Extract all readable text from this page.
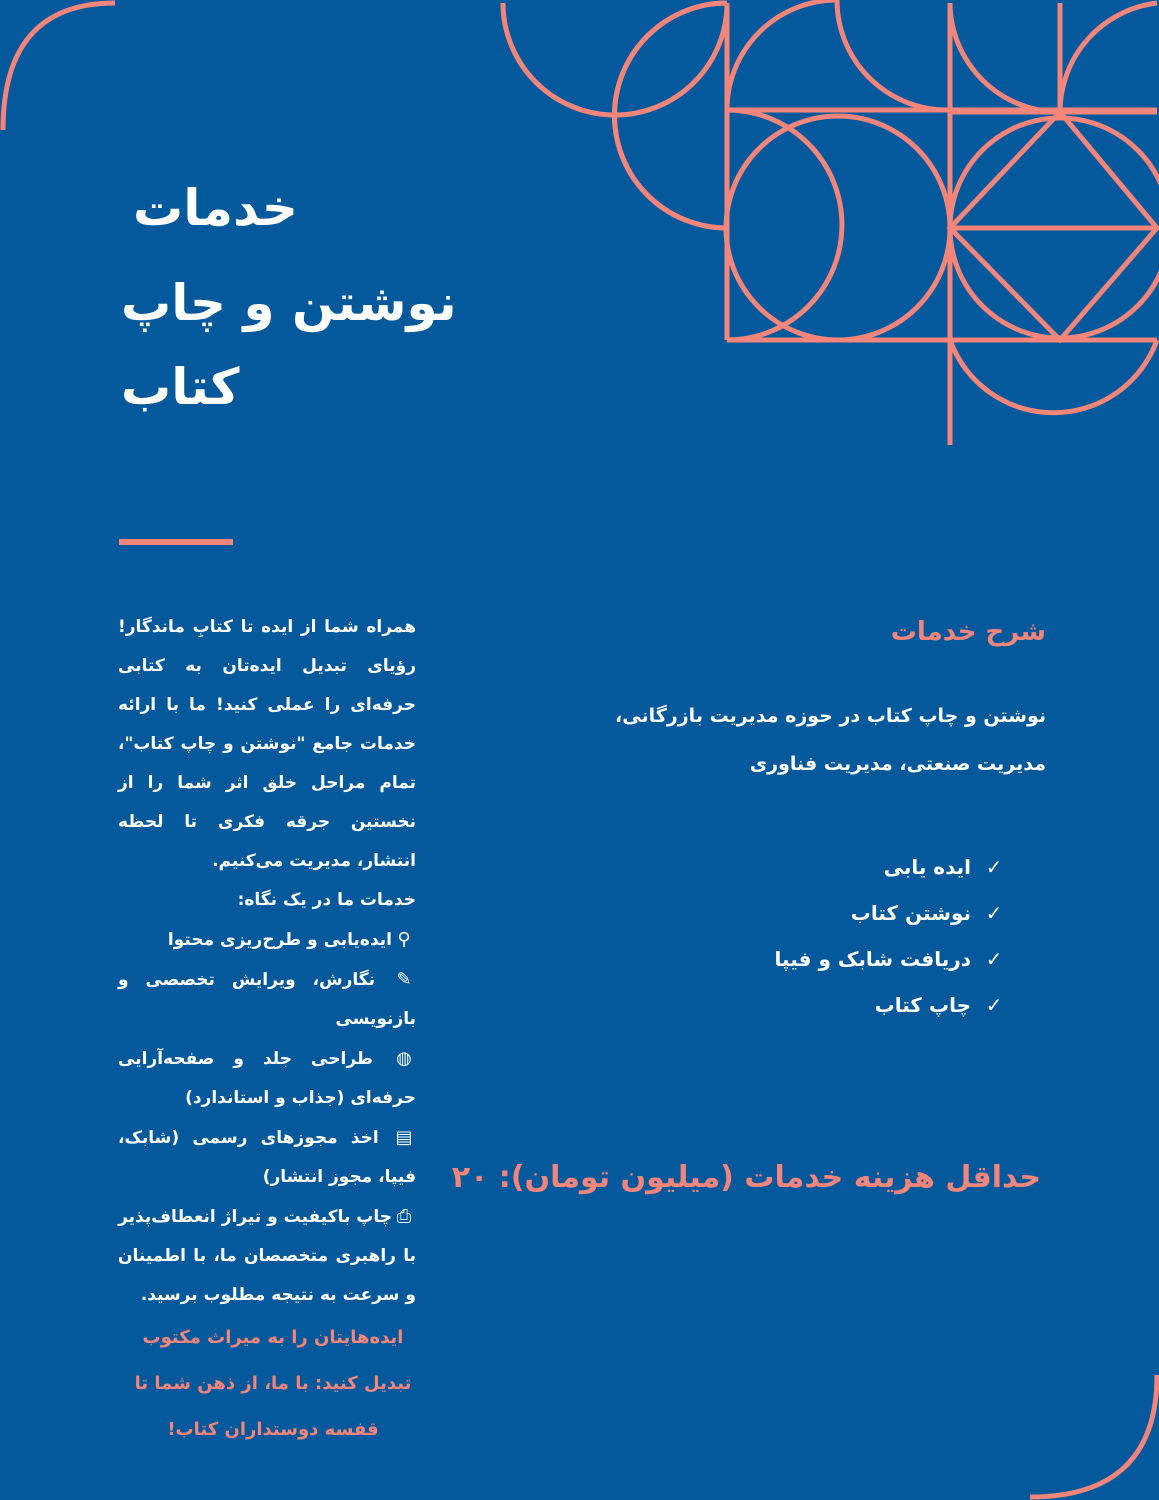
خدمات
نوشتن و چاپ
کتاب

همراه شما از ایده تا کتابِ ماندگار! رؤیای تبدیل ایده‌تان به کتابی حرفه‌ای را عملی کنید! ما با ارائه خدمات جامع "نوشتن و چاپ کتاب"، تمام مراحل خلق اثر شما را از نخستین جرقه فکری تا لحظه انتشار، مدیریت می‌کنیم.

خدمات ما در یک نگاه:

⚲ایده‌یابی و طرح‌ریزی محتوا

✎ نگارش، ویرایش تخصصی و بازنویسی

◍ طراحی جلد و صفحه‌آرایی حرفه‌ای (جذاب و استاندارد)

▤ اخذ مجوزهای رسمی (شابک، فیپا، مجوز انتشار)

⎙چاپ باکیفیت و تیراژ انعطاف‌پذیر

با راهبری متخصصان ما، با اطمینان و سرعت به نتیجه مطلوب برسید.

ایده‌هایتان را به میراث مکتوب تبدیل کنید: با ما، از ذهن شما تا قفسه دوستداران کتاب!

شرح خدمات

نوشتن و چاپ کتاب در حوزه مدیریت بازرگانی، مدیریت صنعتی، مدیریت فناوری

✓ ایده یابی
✓ نوشتن کتاب
✓ دریافت شابک و فیپا
✓ چاپ کتاب
حداقل هزینه خدمات (میلیون تومان): ۲۰
